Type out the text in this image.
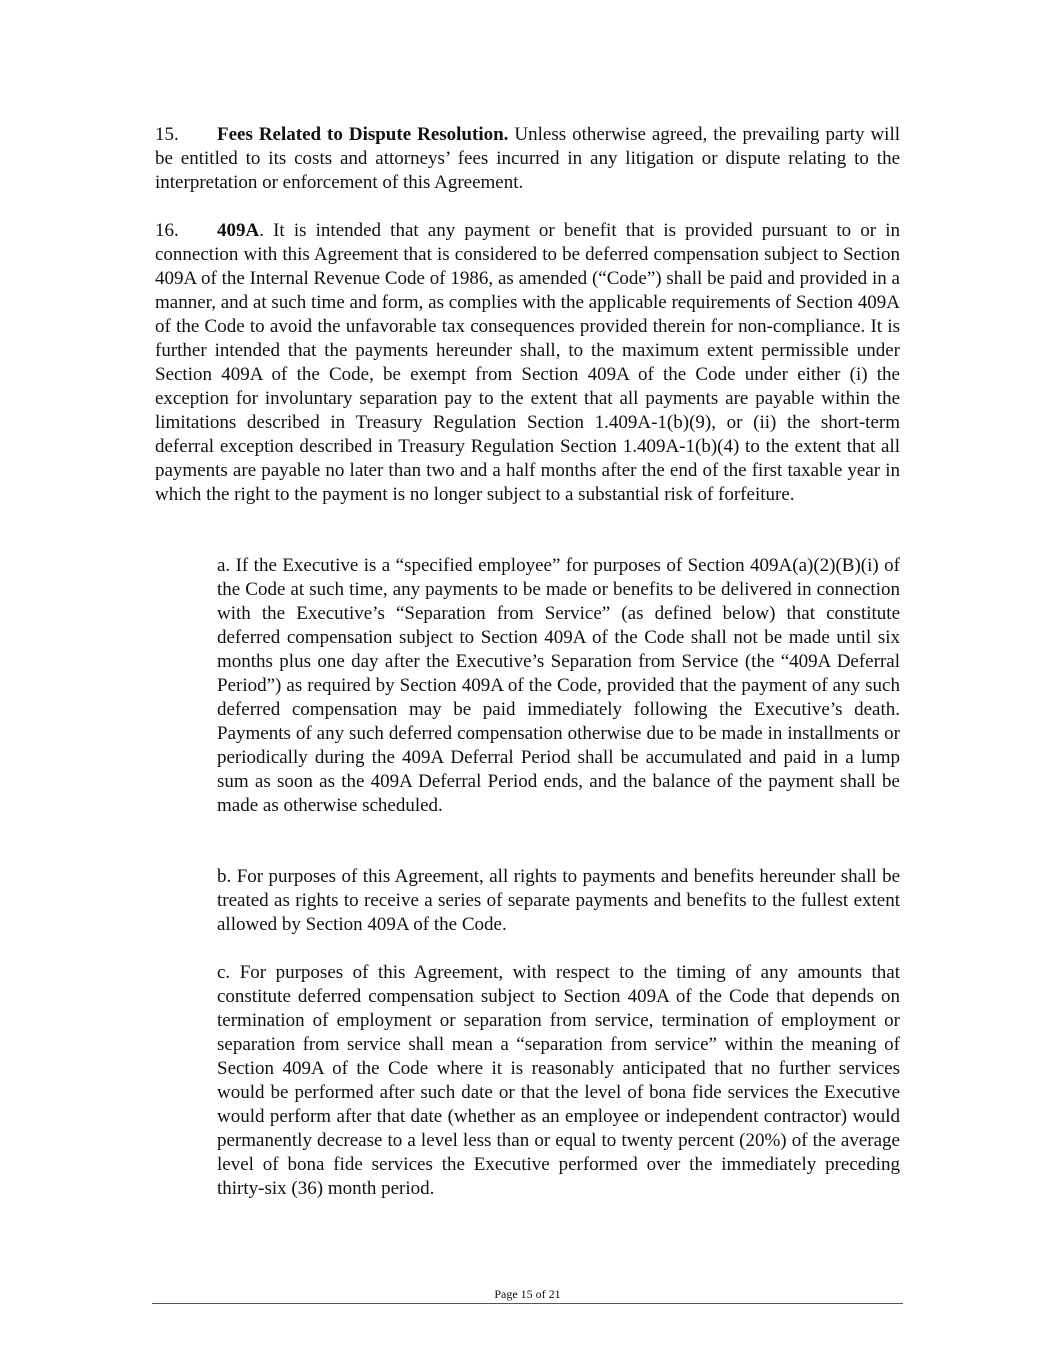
15. Fees Related to Dispute Resolution. Unless otherwise agreed, the prevailing party will be entitled to its costs and attorneys’ fees incurred in any litigation or dispute relating to the interpretation or enforcement of this Agreement.

16. 409A. It is intended that any payment or benefit that is provided pursuant to or in connection with this Agreement that is considered to be deferred compensation subject to Section 409A of the Internal Revenue Code of 1986, as amended (“Code”) shall be paid and provided in a manner, and at such time and form, as complies with the applicable requirements of Section 409A of the Code to avoid the unfavorable tax consequences provided therein for non-compliance. It is further intended that the payments hereunder shall, to the maximum extent permissible under Section 409A of the Code, be exempt from Section 409A of the Code under either (i) the exception for involuntary separation pay to the extent that all payments are payable within the limitations described in Treasury Regulation Section 1.409A-1(b)(9), or (ii) the short-term deferral exception described in Treasury Regulation Section 1.409A-1(b)(4) to the extent that all payments are payable no later than two and a half months after the end of the first taxable year in which the right to the payment is no longer subject to a substantial risk of forfeiture.

a. If the Executive is a “specified employee” for purposes of Section 409A(a)(2)(B)(i) of the Code at such time, any payments to be made or benefits to be delivered in connection with the Executive’s “Separation from Service” (as defined below) that constitute deferred compensation subject to Section 409A of the Code shall not be made until six months plus one day after the Executive’s Separation from Service (the “409A Deferral Period”) as required by Section 409A of the Code, provided that the payment of any such deferred compensation may be paid immediately following the Executive’s death. Payments of any such deferred compensation otherwise due to be made in installments or periodically during the 409A Deferral Period shall be accumulated and paid in a lump sum as soon as the 409A Deferral Period ends, and the balance of the payment shall be made as otherwise scheduled.

b. For purposes of this Agreement, all rights to payments and benefits hereunder shall be treated as rights to receive a series of separate payments and benefits to the fullest extent allowed by Section 409A of the Code.

c. For purposes of this Agreement, with respect to the timing of any amounts that constitute deferred compensation subject to Section 409A of the Code that depends on termination of employment or separation from service, termination of employment or separation from service shall mean a “separation from service” within the meaning of Section 409A of the Code where it is reasonably anticipated that no further services would be performed after such date or that the level of bona fide services the Executive would perform after that date (whether as an employee or independent contractor) would permanently decrease to a level less than or equal to twenty percent (20%) of the average level of bona fide services the Executive performed over the immediately preceding thirty-six (36) month period.

Page 15 of 21
